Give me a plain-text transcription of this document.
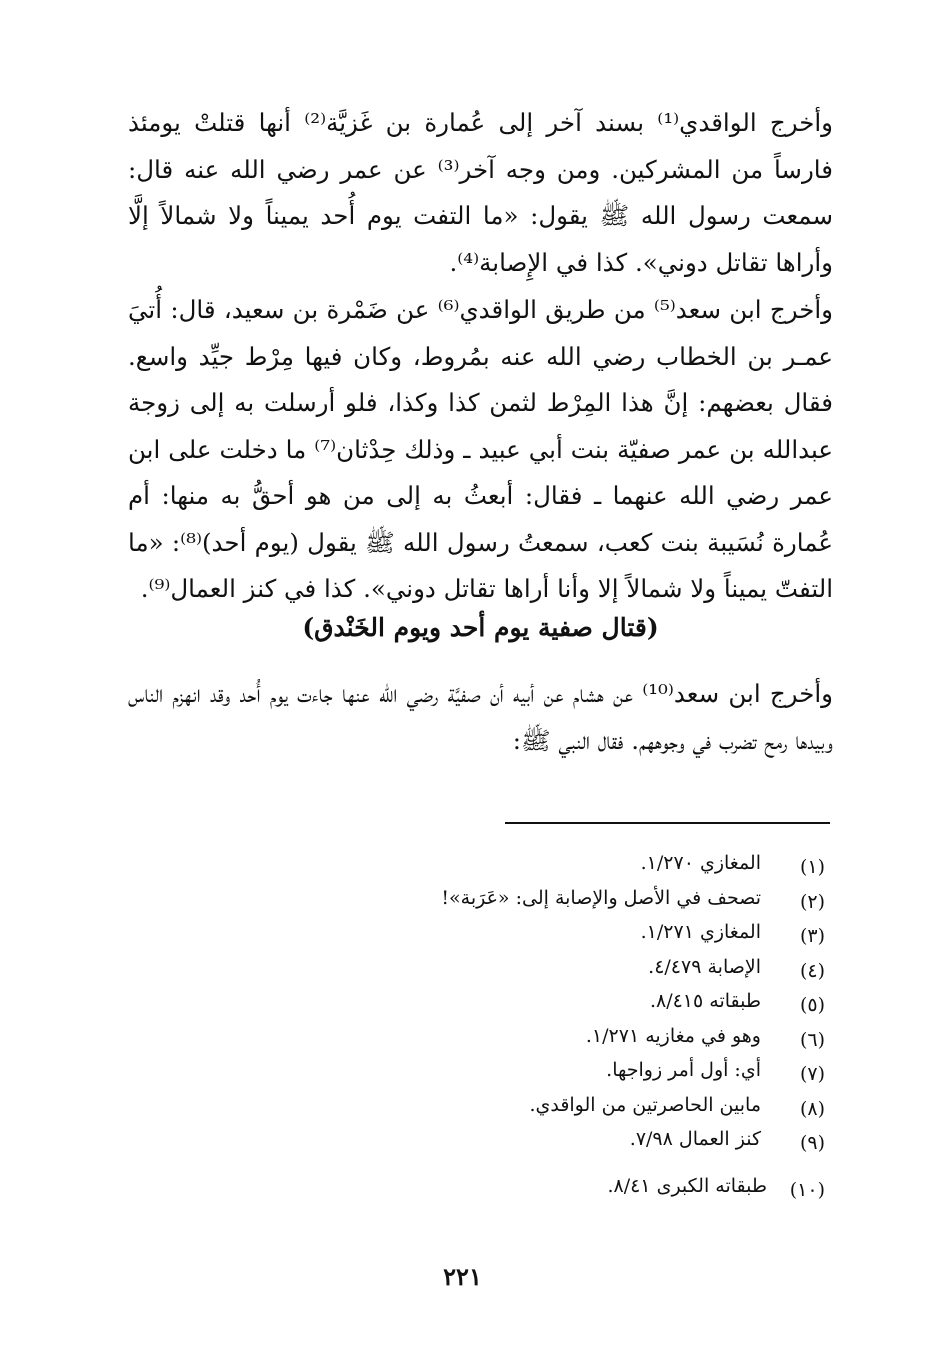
وأخرج الواقدي⁽¹⁾ بسند آخر إلى عُمارة بن غَزيَّة⁽²⁾ أنها قتلتْ يومئذ فارساً من المشركين. ومن وجه آخر⁽³⁾ عن عمر رضي الله عنه قال: سمعت رسول الله ﷺ يقول: «ما التفت يوم أُحد يميناً ولا شمالاً إلَّا وأراها تقاتل دوني». كذا في الإِصابة⁽⁴⁾.

وأخرج ابن سعد⁽⁵⁾ من طريق الواقدي⁽⁶⁾ عن ضَمْرة بن سعيد، قال: أُتيَ عمـر بن الخطاب رضي الله عنه بمُروط، وكان فيها مِرْط جيِّد واسع. فقال بعضهم: إنَّ هذا المِرْط لثمن كذا وكذا، فلو أرسلت به إلى زوجة عبدالله بن عمر صفيّة بنت أبي عبيد ـ وذلك حِدْثان⁽⁷⁾ ما دخلت على ابن عمر رضي الله عنهما ـ فقال: أبعثُ به إلى من هو أحقُّ به منها: أم عُمارة نُسَيبة بنت كعب، سمعتُ رسول الله ﷺ يقول (يوم أحد)⁽⁸⁾: «ما التفتّ يميناً ولا شمالاً إلا وأنا أراها تقاتل دوني». كذا في كنز العمال⁽⁹⁾.

(قتال صفية يوم أحد ويوم الخَنْدق)

وأخرج ابن سعد⁽¹⁰⁾ عن هشام عن أبيه أن صفيَّة رضي الله عنها جاءت يوم أُحد وقد انهزم الناس وبيدها رمح تضرب في وجوههم. فقال النبي ﷺ:

(١)
المغازي ١/٢٧٠.
(٢)
تصحف في الأصل والإصابة إلى: «عَرَبة»!
(٣)
المغازي ١/٢٧١.
(٤)
الإصابة ٤/٤٧٩.
(٥)
طبقاته ٨/٤١٥.
(٦)
وهو في مغازيه ١/٢٧١.
(٧)
أي: أول أمر زواجها.
(٨)
مابين الحاصرتين من الواقدي.
(٩)
كنز العمال ٧/٩٨.
(١٠)
طبقاته الكبرى ٨/٤١.
٢٢١
